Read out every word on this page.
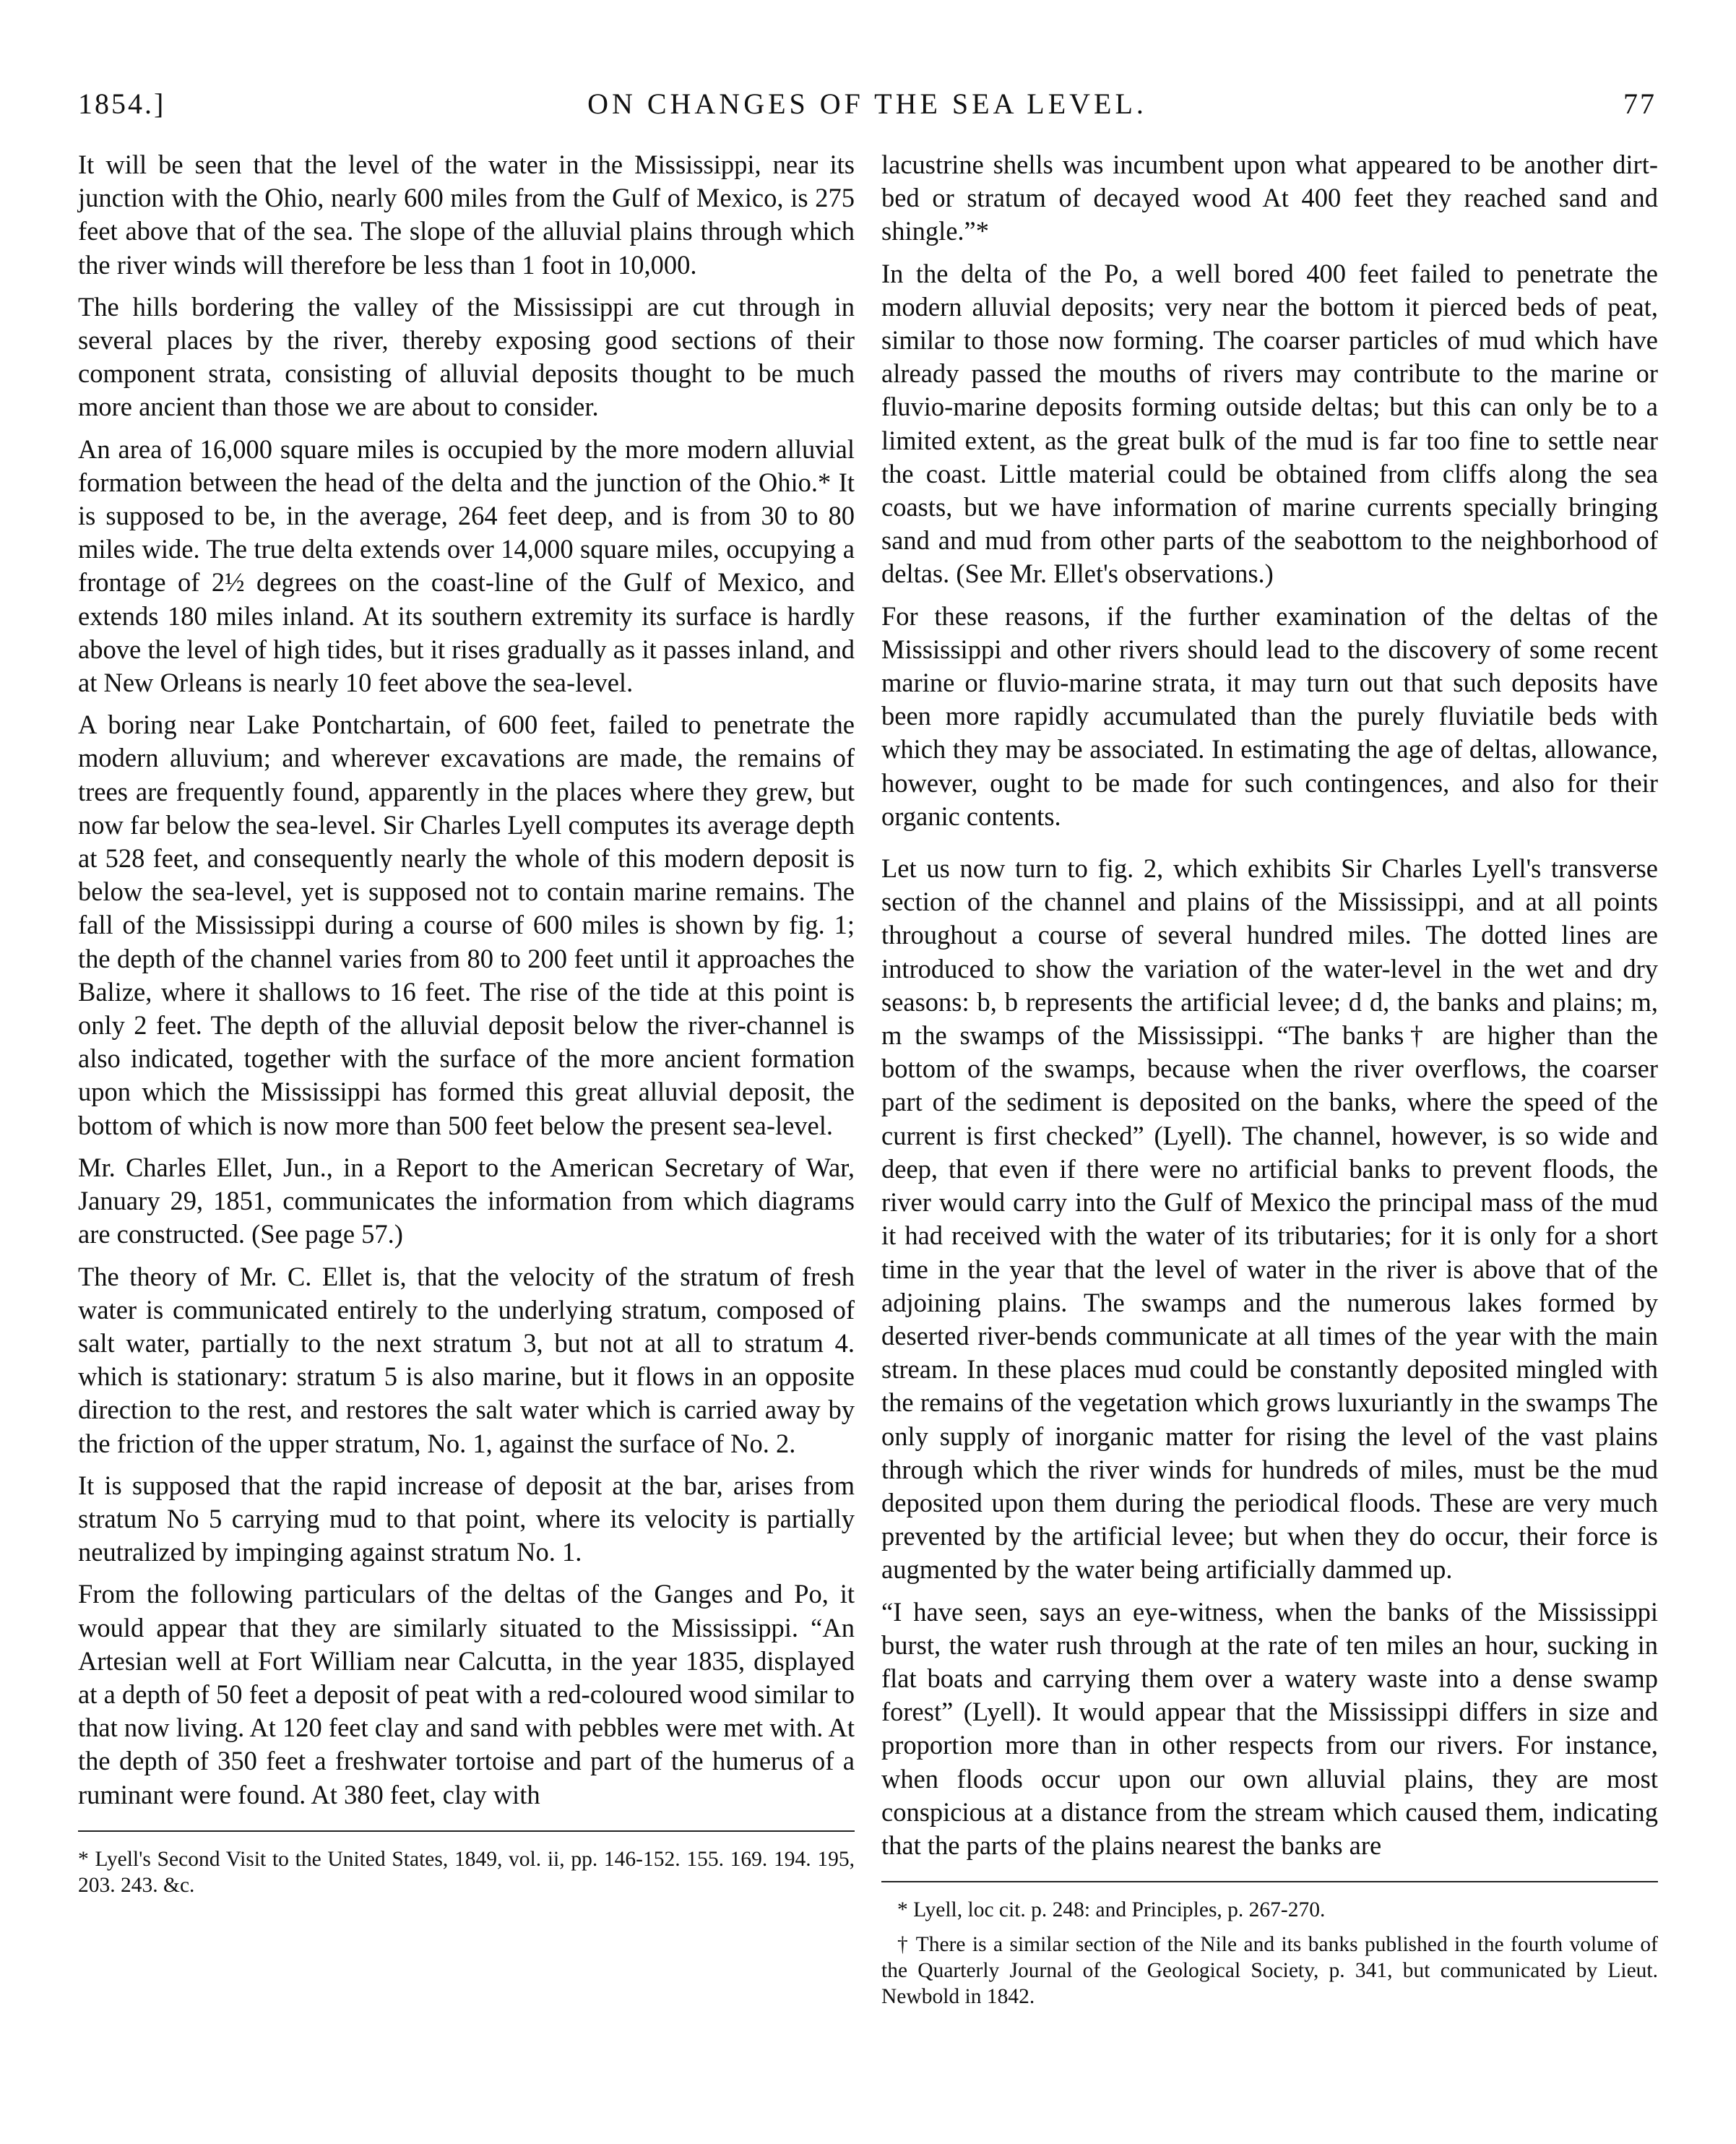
1854.]	ON CHANGES OF THE SEA LEVEL.	77

It will be seen that the level of the water in the Mississippi, near its junction with the Ohio, nearly 600 miles from the Gulf of Mexico, is 275 feet above that of the sea. The slope of the alluvial plains through which the river winds will therefore be less than 1 foot in 10,000.

The hills bordering the valley of the Mississippi are cut through in several places by the river, thereby exposing good sections of their component strata, consisting of alluvial deposits thought to be much more ancient than those we are about to consider.

An area of 16,000 square miles is occupied by the more modern alluvial formation between the head of the delta and the junction of the Ohio.* It is supposed to be, in the average, 264 feet deep, and is from 30 to 80 miles wide. The true delta extends over 14,000 square miles, occupying a frontage of 2½ degrees on the coast-line of the Gulf of Mexico, and extends 180 miles inland. At its southern extremity its surface is hardly above the level of high tides, but it rises gradually as it passes inland, and at New Orleans is nearly 10 feet above the sea-level.

A boring near Lake Pontchartain, of 600 feet, failed to penetrate the modern alluvium; and wherever excavations are made, the remains of trees are frequently found, apparently in the places where they grew, but now far below the sea-level. Sir Charles Lyell computes its average depth at 528 feet, and consequently nearly the whole of this modern deposit is below the sea-level, yet is supposed not to contain marine remains. The fall of the Mississippi during a course of 600 miles is shown by fig. 1; the depth of the channel varies from 80 to 200 feet until it approaches the Balize, where it shallows to 16 feet. The rise of the tide at this point is only 2 feet. The depth of the alluvial deposit below the river-channel is also indicated, together with the surface of the more ancient formation upon which the Mississippi has formed this great alluvial deposit, the bottom of which is now more than 500 feet below the present sea-level.

Mr. Charles Ellet, Jun., in a Report to the American Secretary of War, January 29, 1851, communicates the information from which diagrams are constructed. (See page 57.)

The theory of Mr. C. Ellet is, that the velocity of the stratum of fresh water is communicated entirely to the underlying stratum, composed of salt water, partially to the next stratum 3, but not at all to stratum 4. which is stationary: stratum 5 is also marine, but it flows in an opposite direction to the rest, and restores the salt water which is carried away by the friction of the upper stratum, No. 1, against the surface of No. 2.

It is supposed that the rapid increase of deposit at the bar, arises from stratum No 5 carrying mud to that point, where its velocity is partially neutralized by impinging against stratum No. 1.

From the following particulars of the deltas of the Ganges and Po, it would appear that they are similarly situated to the Mississippi. “An Artesian well at Fort William near Calcutta, in the year 1835, displayed at a depth of 50 feet a deposit of peat with a red-coloured wood similar to that now living. At 120 feet clay and sand with pebbles were met with. At the depth of 350 feet a freshwater tortoise and part of the humerus of a ruminant were found. At 380 feet, clay with

* Lyell's Second Visit to the United States, 1849, vol. ii, pp. 146-152. 155. 169. 194. 195, 203. 243. &c.

lacustrine shells was incumbent upon what appeared to be another dirt-bed or stratum of decayed wood At 400 feet they reached sand and shingle.”*

In the delta of the Po, a well bored 400 feet failed to penetrate the modern alluvial deposits; very near the bottom it pierced beds of peat, similar to those now forming. The coarser particles of mud which have already passed the mouths of rivers may contribute to the marine or fluvio-marine deposits forming outside deltas; but this can only be to a limited extent, as the great bulk of the mud is far too fine to settle near the coast. Little material could be obtained from cliffs along the sea coasts, but we have information of marine currents specially bringing sand and mud from other parts of the seabottom to the neighborhood of deltas. (See Mr. Ellet's observations.)

For these reasons, if the further examination of the deltas of the Mississippi and other rivers should lead to the discovery of some recent marine or fluvio-marine strata, it may turn out that such deposits have been more rapidly accumulated than the purely fluviatile beds with which they may be associated. In estimating the age of deltas, allowance, however, ought to be made for such contingences, and also for their organic contents.

Let us now turn to fig. 2, which exhibits Sir Charles Lyell's transverse section of the channel and plains of the Mississippi, and at all points throughout a course of several hundred miles. The dotted lines are introduced to show the variation of the water-level in the wet and dry seasons: b, b represents the artificial levee; d d, the banks and plains; m, m the swamps of the Mississippi. “The banks† are higher than the bottom of the swamps, because when the river overflows, the coarser part of the sediment is deposited on the banks, where the speed of the current is first checked” (Lyell). The channel, however, is so wide and deep, that even if there were no artificial banks to prevent floods, the river would carry into the Gulf of Mexico the principal mass of the mud it had received with the water of its tributaries; for it is only for a short time in the year that the level of water in the river is above that of the adjoining plains. The swamps and the numerous lakes formed by deserted river-bends communicate at all times of the year with the main stream. In these places mud could be constantly deposited mingled with the remains of the vegetation which grows luxuriantly in the swamps The only supply of inorganic matter for rising the level of the vast plains through which the river winds for hundreds of miles, must be the mud deposited upon them during the periodical floods. These are very much prevented by the artificial levee; but when they do occur, their force is augmented by the water being artificially dammed up.

“I have seen, says an eye-witness, when the banks of the Mississippi burst, the water rush through at the rate of ten miles an hour, sucking in flat boats and carrying them over a watery waste into a dense swamp forest” (Lyell). It would appear that the Mississippi differs in size and proportion more than in other respects from our rivers. For instance, when floods occur upon our own alluvial plains, they are most conspicious at a distance from the stream which caused them, indicating that the parts of the plains nearest the banks are

* Lyell, loc cit. p. 248: and Principles, p. 267-270.

† There is a similar section of the Nile and its banks published in the fourth volume of the Quarterly Journal of the Geological Society, p. 341, but communicated by Lieut. Newbold in 1842.
